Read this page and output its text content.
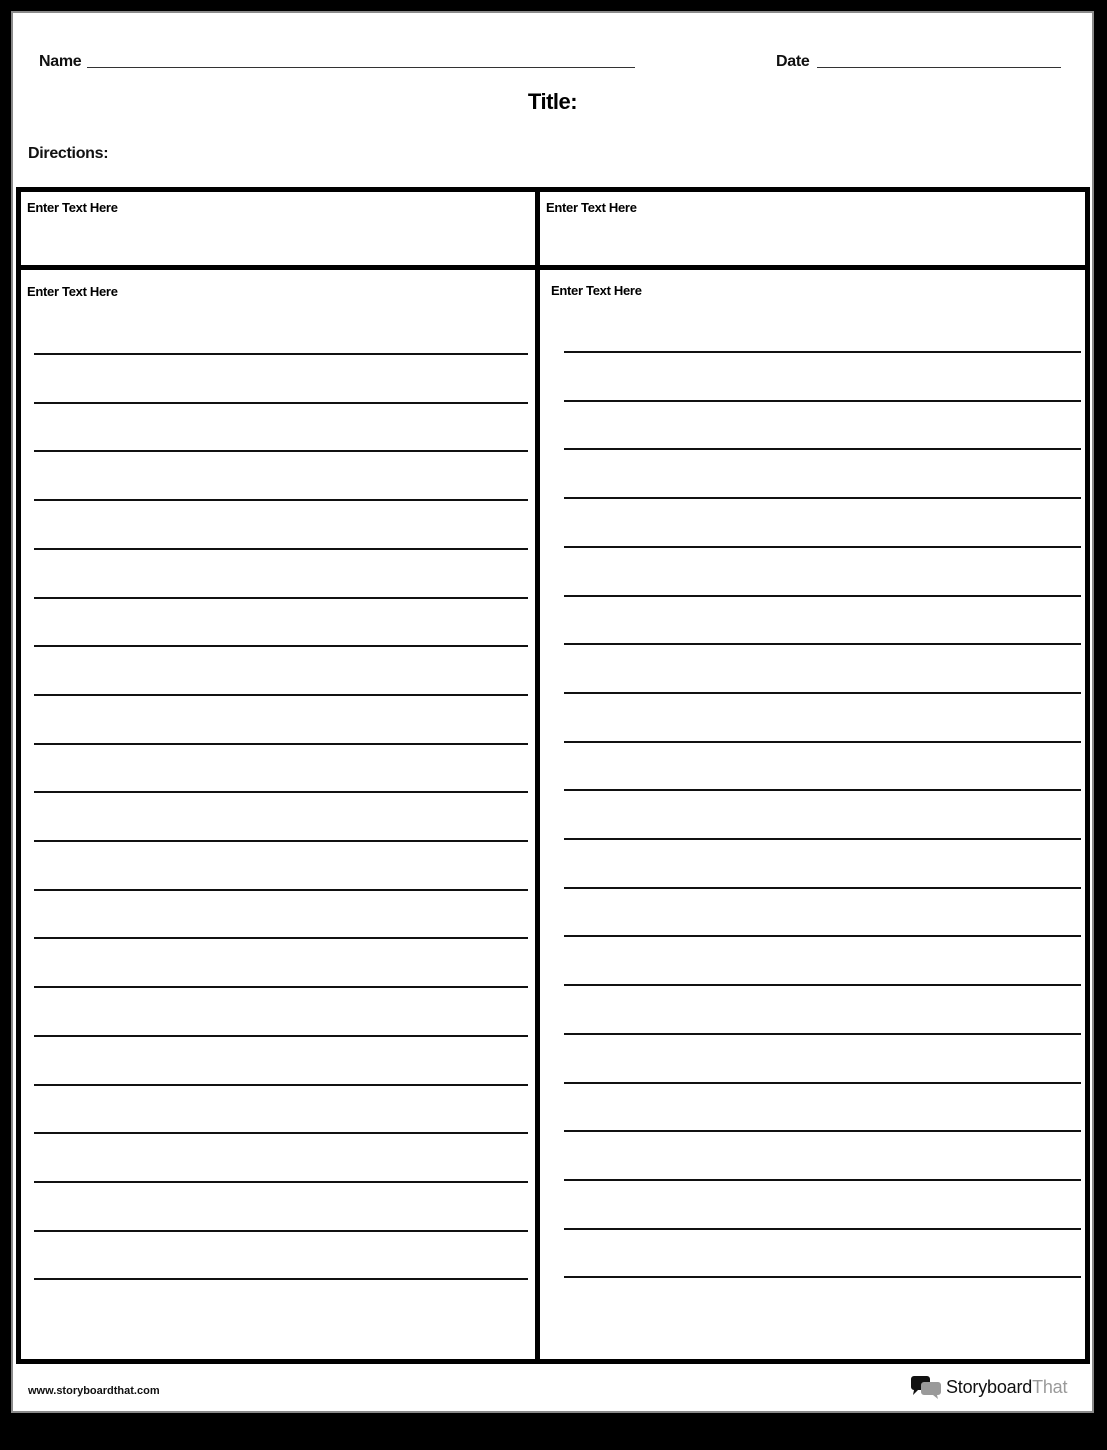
Name	Date
Title:
Directions:
Enter Text Here	Enter Text Here
Enter Text Here	Enter Text Here
www.storyboardthat.com	StoryboardThat
